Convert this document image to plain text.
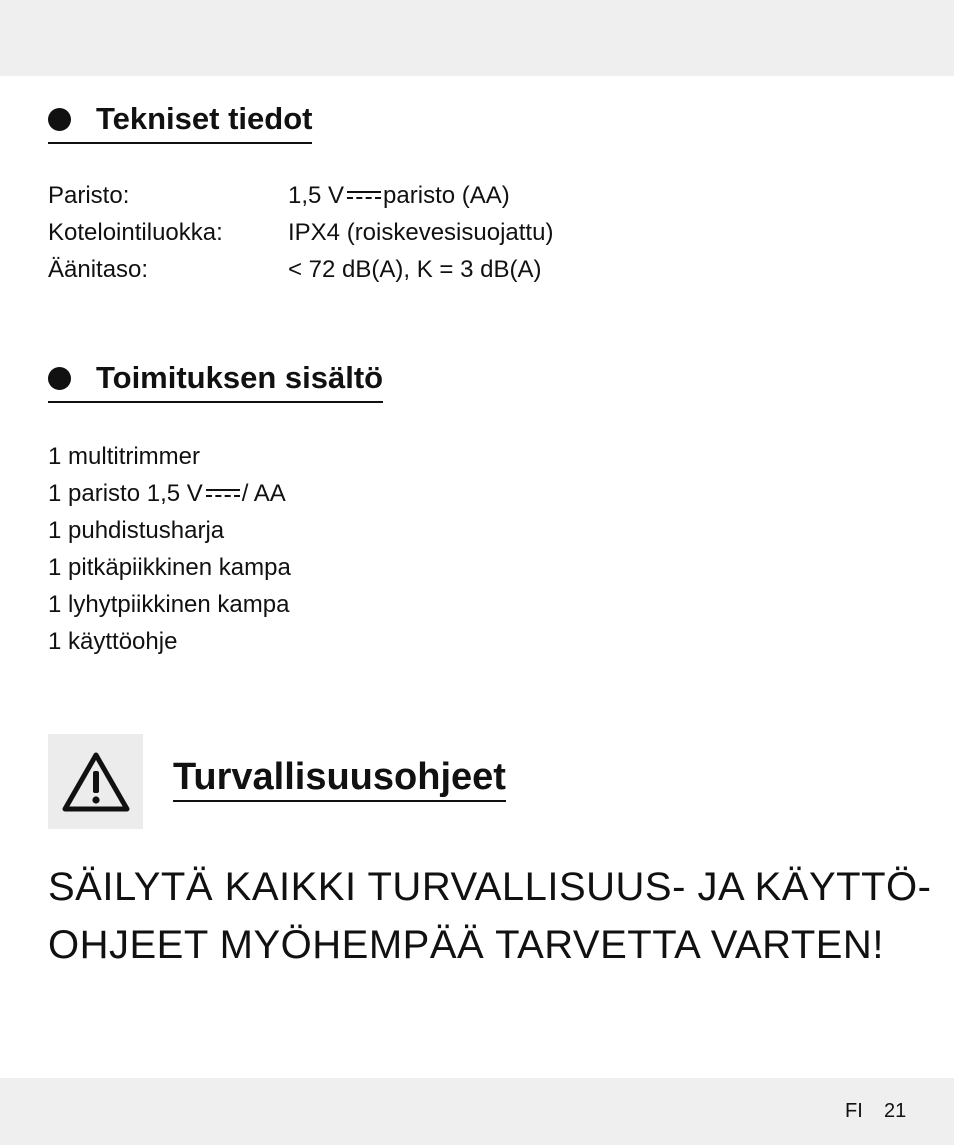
Tekniset tiedot
Paristo:	1,5 V paristo (AA)
Kotelointiluokka:	IPX4 (roiskevesisuojattu)
Äänitaso:	< 72 dB(A), K = 3 dB(A)
Toimituksen sisältö
1 multitrimmer
1 paristo 1,5 V / AA
1 puhdistusharja
1 pitkäpiikkinen kampa
1 lyhytpiikkinen kampa
1 käyttöohje
Turvallisuusohjeet
SÄILYTÄ KAIKKI TURVALLISUUS- JA KÄYTTÖ-
OHJEET MYÖHEMPÄÄ TARVETTA VARTEN!
FI 21
